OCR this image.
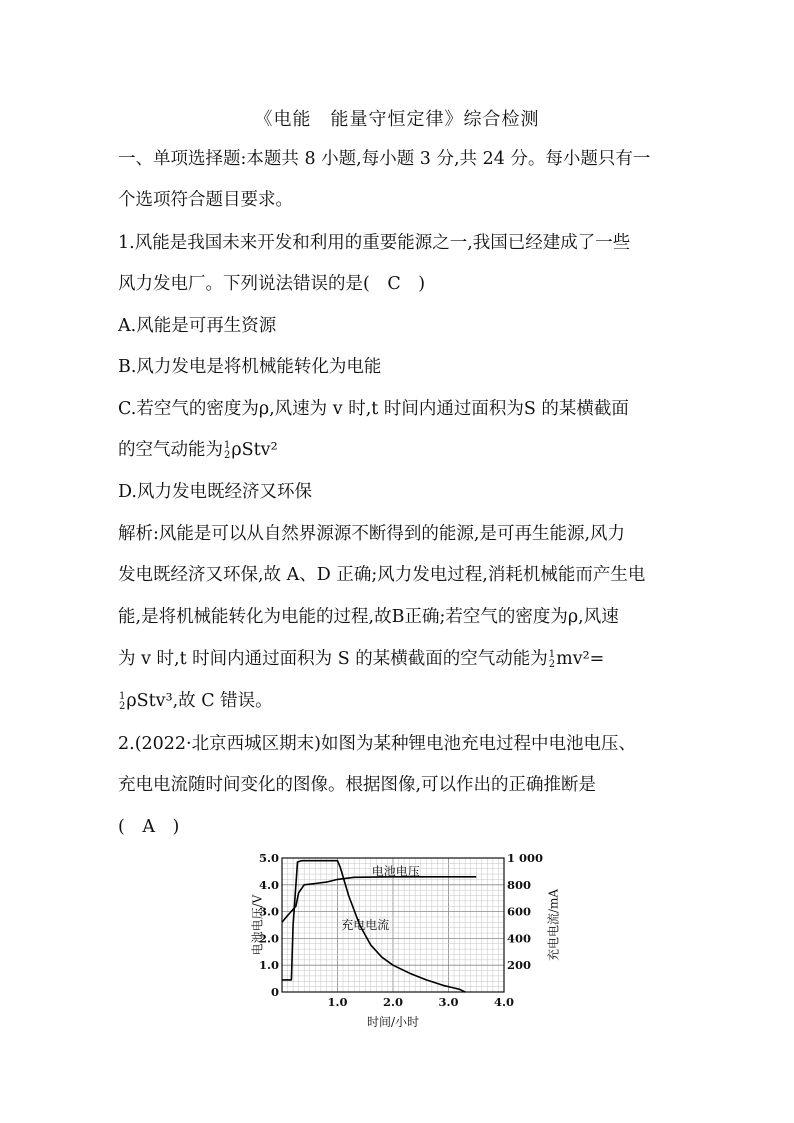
《电能　能量守恒定律》综合检测
一、单项选择题:本题共 8 小题,每小题 3 分,共 24 分。每小题只有一
个选项符合题目要求。
1.风能是我国未来开发和利用的重要能源之一,我国已经建成了一些
风力发电厂。下列说法错误的是(　C　)
A.风能是可再生资源
B.风力发电是将机械能转化为电能
C.若空气的密度为ρ,风速为 v 时,t 时间内通过面积为S 的某横截面
的空气动能为 1
2 ρStv²
D.风力发电既经济又环保
解析:风能是可以从自然界源源不断得到的能源,是可再生能源,风力
发电既经济又环保,故 A、D 正确;风力发电过程,消耗机械能而产生电
能,是将机械能转化为电能的过程,故B正确;若空气的密度为ρ,风速
为 v 时,t 时间内通过面积为 S 的某横截面的空气动能为 1
2 mv²=
1
2 ρStv³,故 C 错误。
2.(2022·北京西城区期末)如图为某种锂电池充电过程中电池电压、
充电电流随时间变化的图像。根据图像,可以作出的正确推断是
(　A　)
0
1.0
2.0
3.0
4.0
5.0
200
400
600
800
1 000
1.0	2.0	3.0	4.0
时间/小时
电池电压/V	充电电流/mA
电池电压
充电电流
